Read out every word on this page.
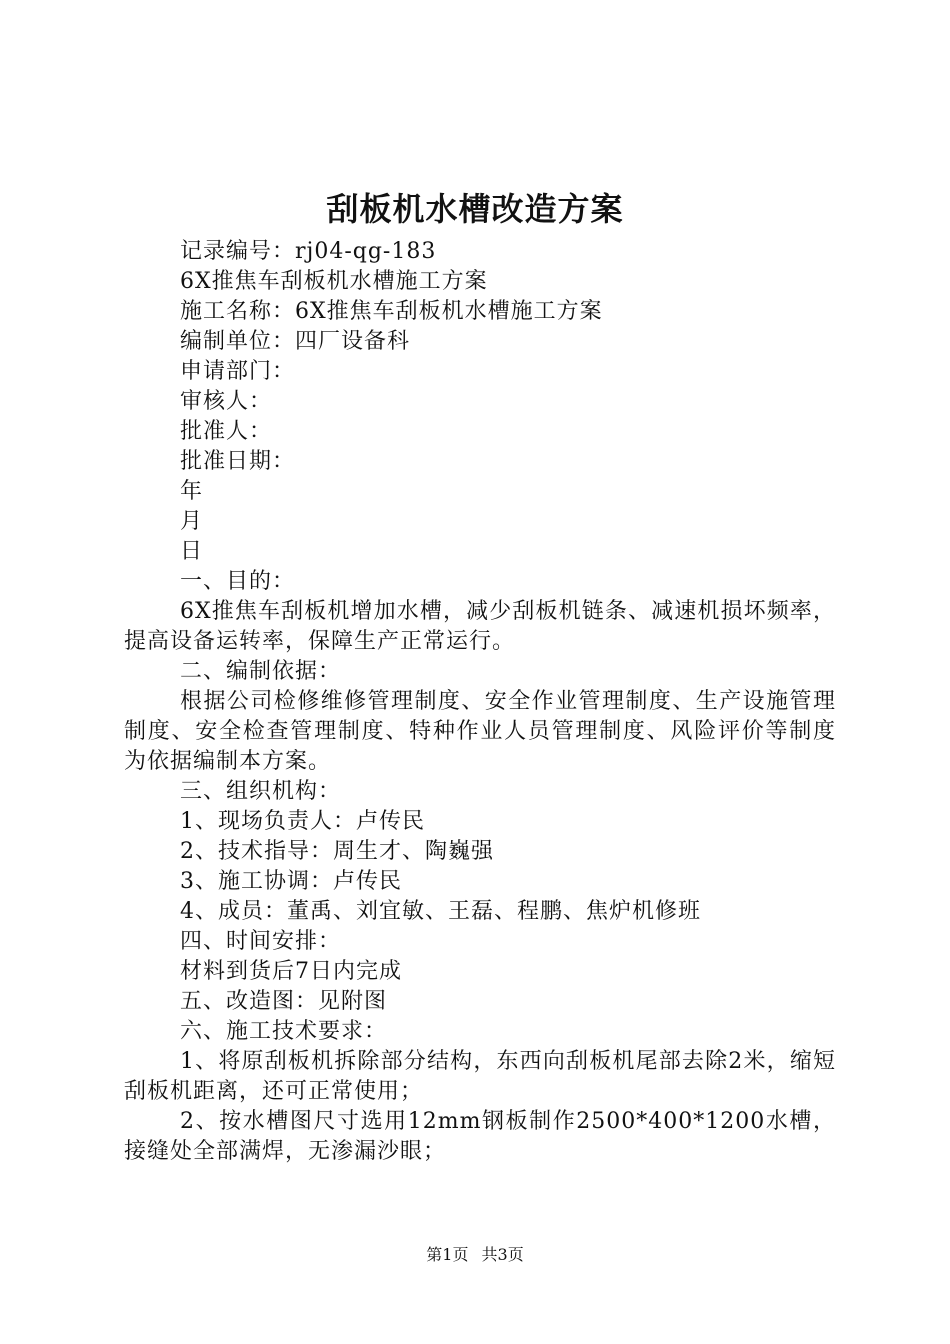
刮板机水槽改造方案

记录编号：rj04-qg-183

6X推焦车刮板机水槽施工方案

施工名称：6X推焦车刮板机水槽施工方案

编制单位：四厂设备科

申请部门：

审核人：

批准人：

批准日期：

年

月

日

一、目的：

6X推焦车刮板机增加水槽，减少刮板机链条、减速机损坏频率，提高设备运转率，保障生产正常运行。

二、编制依据：

根据公司检修维修管理制度、安全作业管理制度、生产设施管理制度、安全检查管理制度、特种作业人员管理制度、风险评价等制度为依据编制本方案。

三、组织机构：

1、现场负责人：卢传民

2、技术指导：周生才、陶巍强

3、施工协调：卢传民

4、成员：董禹、刘宜敏、王磊、程鹏、焦炉机修班

四、时间安排：

材料到货后7日内完成

五、改造图：见附图

六、施工技术要求：

1、将原刮板机拆除部分结构，东西向刮板机尾部去除2米，缩短刮板机距离，还可正常使用；

2、按水槽图尺寸选用12mm钢板制作2500*400*1200水槽，接缝处全部满焊，无渗漏沙眼；

第1页 共3页
